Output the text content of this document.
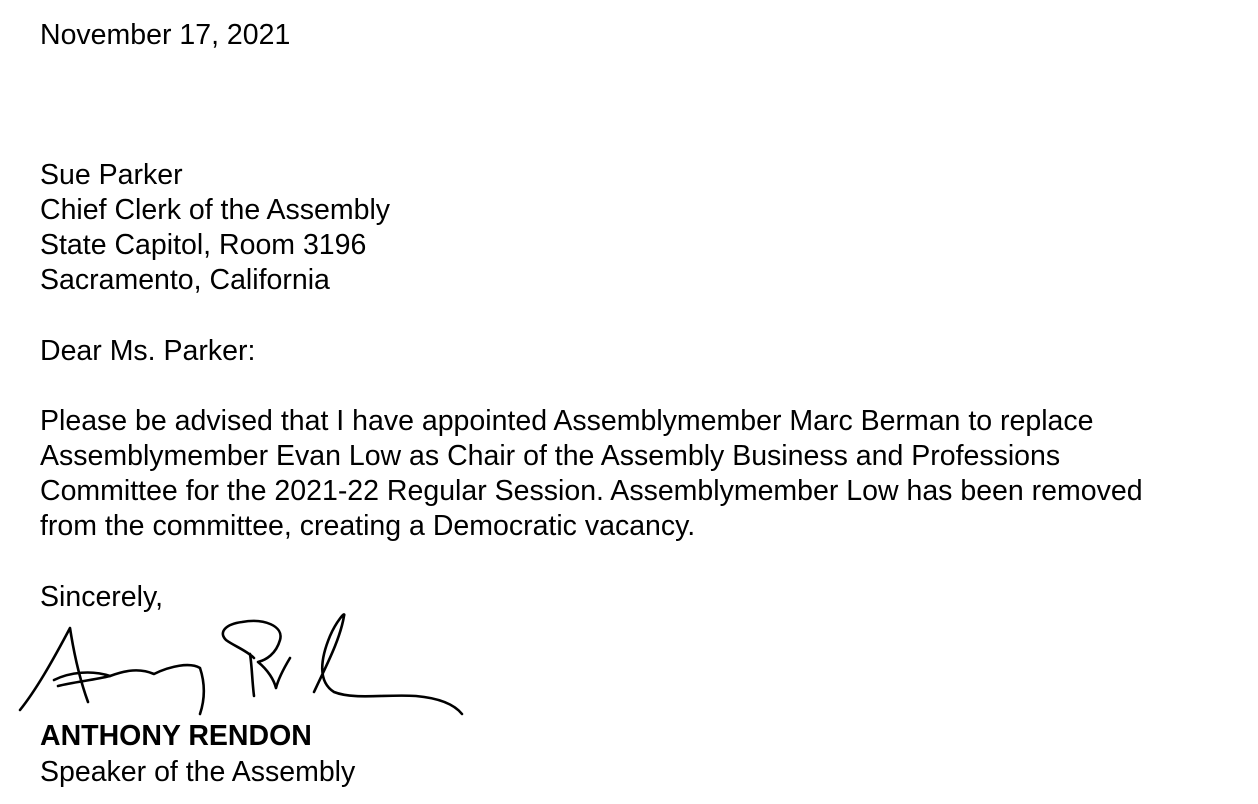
November 17, 2021
Sue Parker
Chief Clerk of the Assembly
State Capitol, Room 3196
Sacramento, California
Dear Ms. Parker:
Please be advised that I have appointed Assemblymember Marc Berman to replace
Assemblymember Evan Low as Chair of the Assembly Business and Professions
Committee for the 2021-22 Regular Session. Assemblymember Low has been removed
from the committee, creating a Democratic vacancy.
Sincerely,
ANTHONY RENDON
Speaker of the Assembly
